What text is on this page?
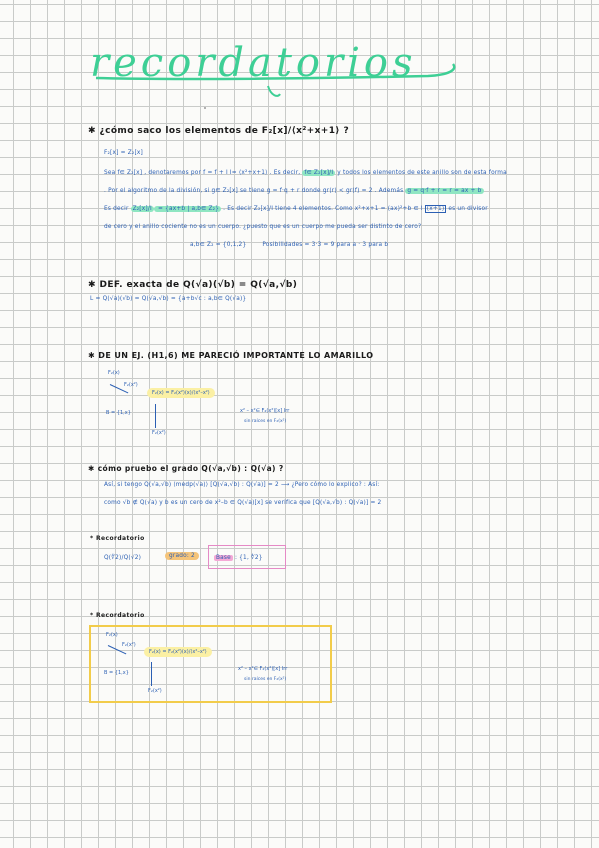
recordatorios
✱ ¿cómo saco los elementos de F₂[x]/⟨x²+x+1⟩ ?
F₂[x] = Z₂[x]
Sea f∈ Z₂[x] , denotaremos por f = f + I I= ⟨x²+x+1⟩ . Es decir, f∈ Z₂[x]/I y todos los elementos de este anillo son de esta forma
. Por el algoritmo de la división, si g∈ Z₂[x] se tiene g = f·q + r donde gr(r) < gr(f) = 2 . Además g = q·f + r = r = ax + b
Es decir Z₂[x]/I = {ax+b | a,b∈ Z₂} . Es decir Z₂[x]/I tiene 4 elementos. Como x²+x+1 = (ax)²+b ∈ I (x+1) es un divisor
de cero y el anillo cociente no es un cuerpo. ¿puesto que es un cuerpo me pueda ser distinto de cero?
a,b∈ Z₂ = {0,1,2}	Posibilidades = 3·3 = 9 para a · 3 para b
✱ DEF. exacta de Q(√a)(√b) = Q(√a,√b)
L = Q(√a)(√b) = Q(√a,√b) = {a+b√c : a,b∈ Q(√a)}
✱ DE UN EJ. (H1,6) ME PARECIÓ IMPORTANTE LO AMARILLO
F₂(x)
F₂(x²)
F₂(x) = F₂(x²)(x)/⟨x²–x²⟩
B = {1,x}
F₂(x²)
x² – x²∈ F₂(x²)[x] Irr
sin raíces en F₂(x²)
✱ cómo pruebo el grado Q(√a,√b) : Q(√a) ?
Así, si tengo Q(√a,√b) ⟨medp(√a)⟩ [Q(√a,√b) : Q(√a)] = 2 ⟶ ¿Pero cómo lo explico? : Así:
como √b ∉ Q(√a) y b es un cero de x²–b ∈ Q(√a)[x] se verifica que [Q(√a,√b) : Q(√a)] = 2
* Recordatorio
Q(∜2)/Q(√2)	grado: 2	Base : {1, ∜2}
* Recordatorio
F₂(x)
F₂(x²)
F₂(x) = F₂(x²)(x)/⟨x²–x²⟩
B = {1,x}
F₂(x²)
x² – x²∈ F₂(x²)[x] Irr
sin raíces en F₂(x²)
